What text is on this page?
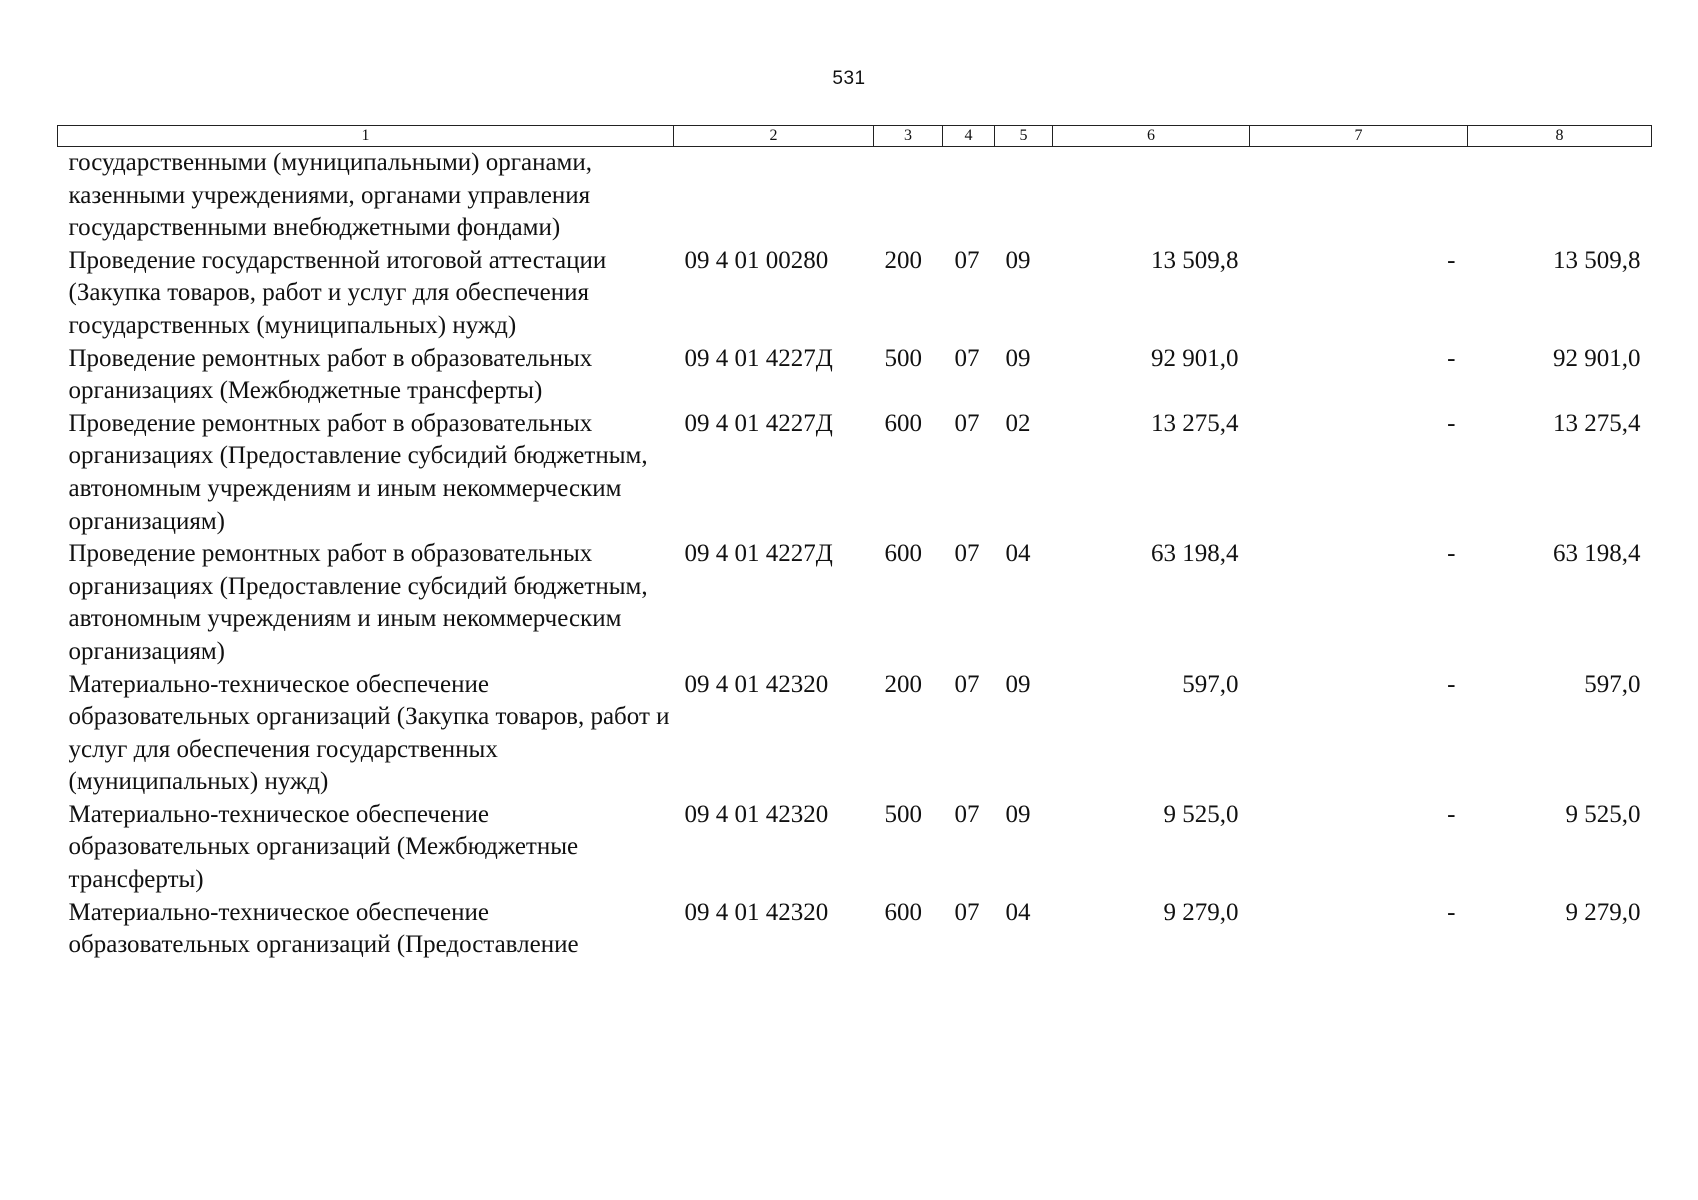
531
1	2	3	4	5	6	7	8
государственными (муниципальными) органами, казенными учреждениями, органами управления государственными внебюджетными фондами)							
Проведение государственной итоговой аттестации (Закупка товаров, работ и услуг для обеспечения государственных (муниципальных) нужд)	09 4 01 00280	200	07	09	13 509,8	-	13 509,8
Проведение ремонтных работ в образовательных организациях (Межбюджетные трансферты)	09 4 01 4227Д	500	07	09	92 901,0	-	92 901,0
Проведение ремонтных работ в образовательных организациях (Предоставление субсидий бюджетным, автономным учреждениям и иным некоммерческим организациям)	09 4 01 4227Д	600	07	02	13 275,4	-	13 275,4
Проведение ремонтных работ в образовательных организациях (Предоставление субсидий бюджетным, автономным учреждениям и иным некоммерческим организациям)	09 4 01 4227Д	600	07	04	63 198,4	-	63 198,4
Материально-техническое обеспечение образовательных организаций (Закупка товаров, работ и услуг для обеспечения государственных (муниципальных) нужд)	09 4 01 42320	200	07	09	597,0	-	597,0
Материально-техническое обеспечение образовательных организаций (Межбюджетные трансферты)	09 4 01 42320	500	07	09	9 525,0	-	9 525,0
Материально-техническое обеспечение образовательных организаций (Предоставление	09 4 01 42320	600	07	04	9 279,0	-	9 279,0
